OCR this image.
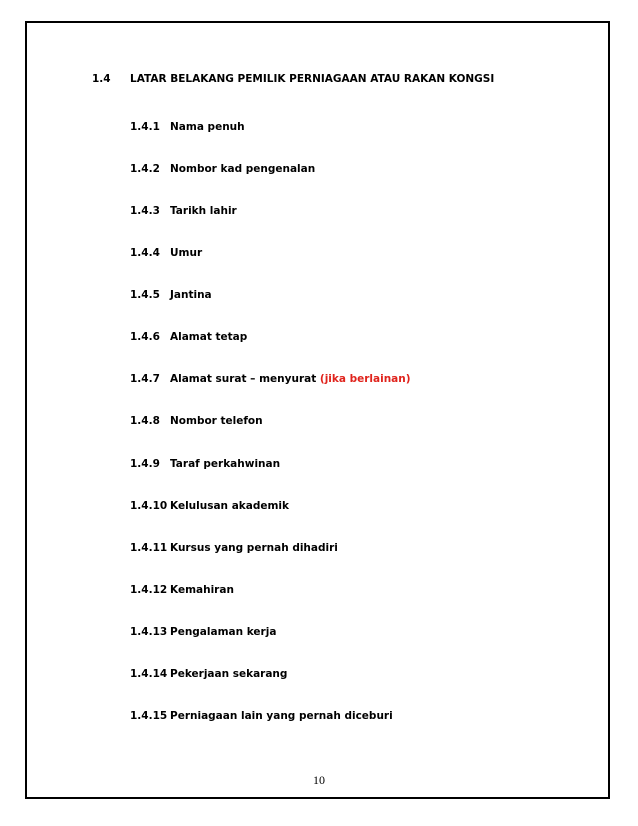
1.4 LATAR BELAKANG PEMILIK PERNIAGAAN ATAU RAKAN KONGSI
1.4.1 Nama penuh
1.4.2 Nombor kad pengenalan
1.4.3 Tarikh lahir
1.4.4 Umur
1.4.5 Jantina
1.4.6 Alamat tetap
1.4.7 Alamat surat – menyurat (jika berlainan)
1.4.8 Nombor telefon
1.4.9 Taraf perkahwinan
1.4.10 Kelulusan akademik
1.4.11 Kursus yang pernah dihadiri
1.4.12 Kemahiran
1.4.13 Pengalaman kerja
1.4.14 Pekerjaan sekarang
1.4.15 Perniagaan lain yang pernah diceburi
10
